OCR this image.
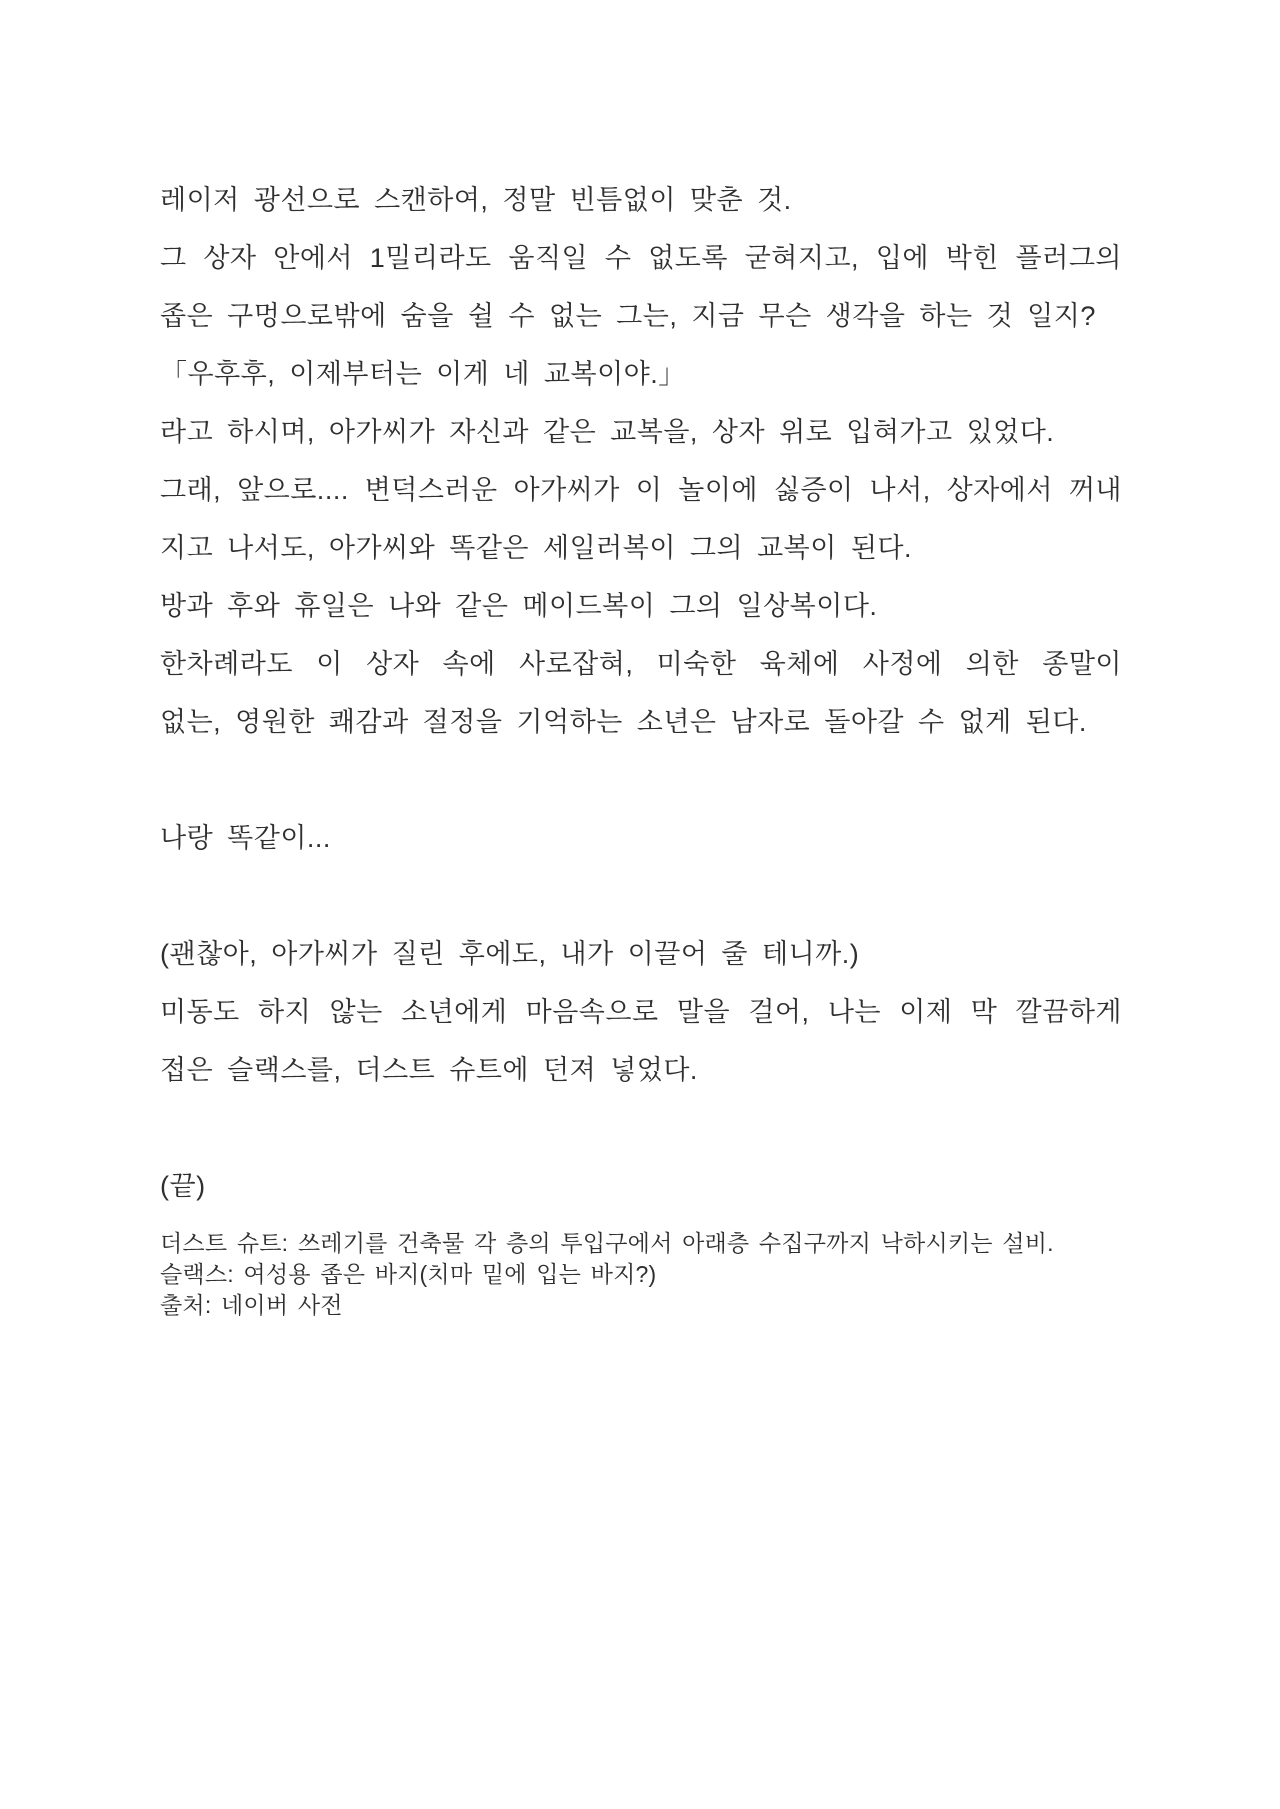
레이저 광선으로 스캔하여, 정말 빈틈없이 맞춘 것.
그 상자 안에서 1밀리라도 움직일 수 없도록 굳혀지고, 입에 박힌 플러그의
좁은 구멍으로밖에 숨을 쉴 수 없는 그는, 지금 무슨 생각을 하는 것 일지?
「우후후, 이제부터는 이게 네 교복이야.」
라고 하시며, 아가씨가 자신과 같은 교복을, 상자 위로 입혀가고 있었다.
그래, 앞으로.... 변덕스러운 아가씨가 이 놀이에 싫증이 나서, 상자에서 꺼내
지고 나서도, 아가씨와 똑같은 세일러복이 그의 교복이 된다.
방과 후와 휴일은 나와 같은 메이드복이 그의 일상복이다.
한차례라도 이 상자 속에 사로잡혀, 미숙한 육체에 사정에 의한 종말이
없는, 영원한 쾌감과 절정을 기억하는 소년은 남자로 돌아갈 수 없게 된다.
나랑 똑같이...
(괜찮아, 아가씨가 질린 후에도, 내가 이끌어 줄 테니까.)
미동도 하지 않는 소년에게 마음속으로 말을 걸어, 나는 이제 막 깔끔하게
접은 슬랙스를, 더스트 슈트에 던져 넣었다.
(끝)
더스트 슈트: 쓰레기를 건축물 각 층의 투입구에서 아래층 수집구까지 낙하시키는 설비.
슬랙스: 여성용 좁은 바지(치마 밑에 입는 바지?)
출처: 네이버 사전
